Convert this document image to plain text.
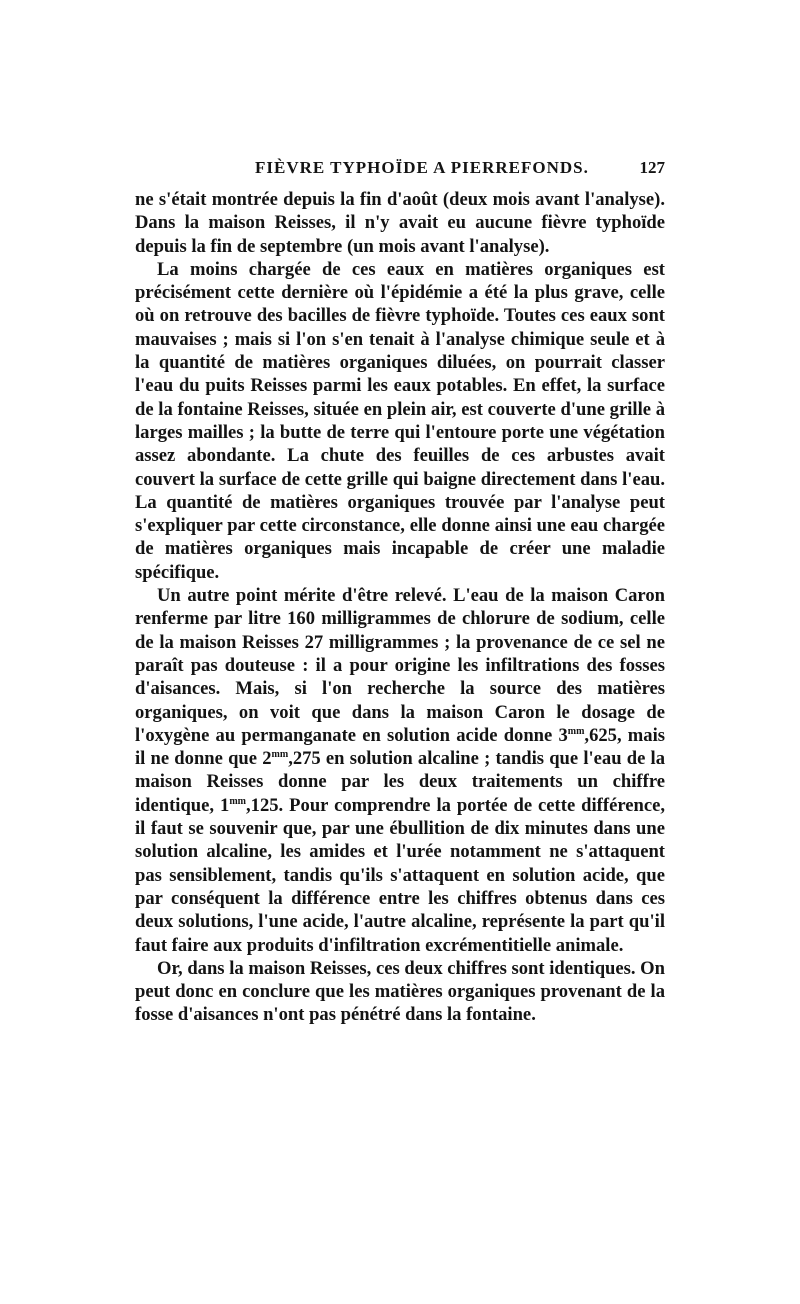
FIÈVRE TYPHOÏDE A PIERREFONDS.	127

ne s'était montrée depuis la fin d'août (deux mois avant l'analyse). Dans la maison Reisses, il n'y avait eu aucune fièvre typhoïde depuis la fin de septembre (un mois avant l'analyse).

La moins chargée de ces eaux en matières organiques est précisément cette dernière où l'épidémie a été la plus grave, celle où on retrouve des bacilles de fièvre typhoïde. Toutes ces eaux sont mauvaises ; mais si l'on s'en tenait à l'analyse chimique seule et à la quantité de matières organiques diluées, on pourrait classer l'eau du puits Reisses parmi les eaux potables. En effet, la surface de la fontaine Reisses, située en plein air, est couverte d'une grille à larges mailles ; la butte de terre qui l'entoure porte une végétation assez abondante. La chute des feuilles de ces arbustes avait couvert la surface de cette grille qui baigne directement dans l'eau. La quantité de matières organiques trouvée par l'analyse peut s'expliquer par cette circonstance, elle donne ainsi une eau chargée de matières organiques mais incapable de créer une maladie spécifique.

Un autre point mérite d'être relevé. L'eau de la maison Caron renferme par litre 160 milligrammes de chlorure de sodium, celle de la maison Reisses 27 milligrammes ; la provenance de ce sel ne paraît pas douteuse : il a pour origine les infiltrations des fosses d'aisances. Mais, si l'on recherche la source des matières organiques, on voit que dans la maison Caron le dosage de l'oxygène au permanganate en solution acide donne $3^{mm},625$, mais il ne donne que $2^{mm},275$ en solution alcaline ; tandis que l'eau de la maison Reisses donne par les deux traitements un chiffre identique, $1^{mm},125$. Pour comprendre la portée de cette différence, il faut se souvenir que, par une ébullition de dix minutes dans une solution alcaline, les amides et l'urée notamment ne s'attaquent pas sensiblement, tandis qu'ils s'attaquent en solution acide, que par conséquent la différence entre les chiffres obtenus dans ces deux solutions, l'une acide, l'autre alcaline, représente la part qu'il faut faire aux produits d'infiltration excrémentitielle animale.

Or, dans la maison Reisses, ces deux chiffres sont identiques. On peut donc en conclure que les matières organiques provenant de la fosse d'aisances n'ont pas pénétré dans la fontaine.
